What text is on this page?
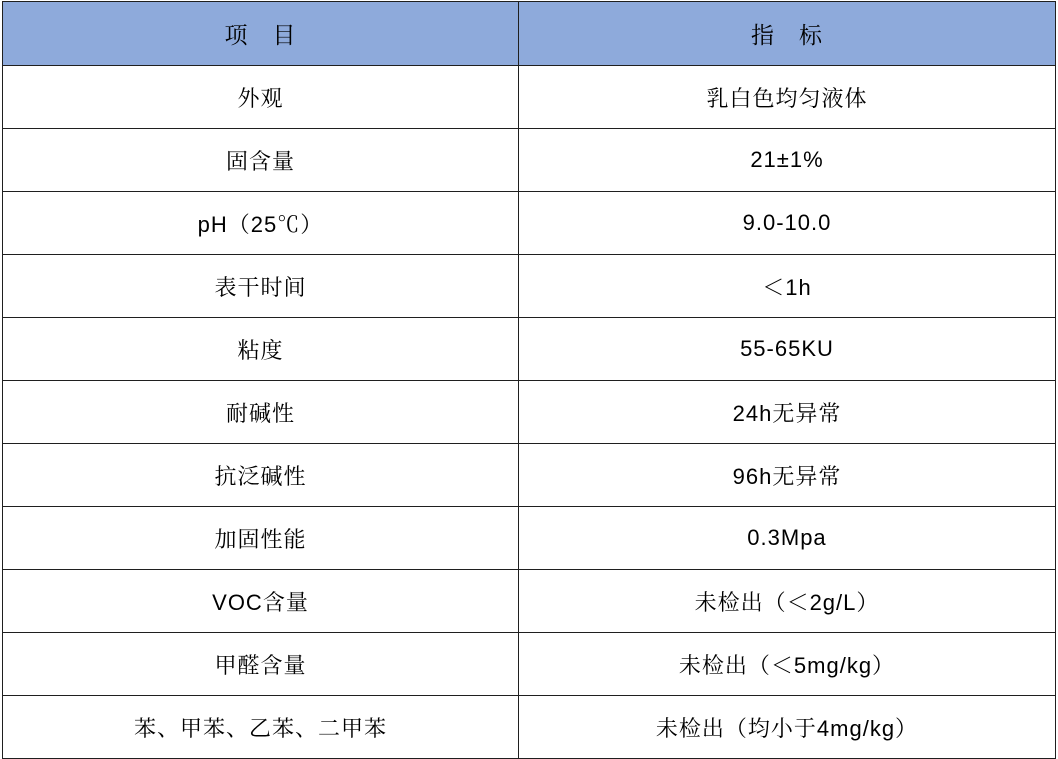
项　目	指　标
外观	乳白色均匀液体
固含量	21±1%
pH（25℃）	9.0-10.0
表干时间	＜1h
粘度	55-65KU
耐碱性	24h无异常
抗泛碱性	96h无异常
加固性能	0.3Mpa
VOC含量	未检出（＜2g/L）
甲醛含量	未检出（＜5mg/kg）
苯、甲苯、乙苯、二甲苯	未检出（均小于4mg/kg）
